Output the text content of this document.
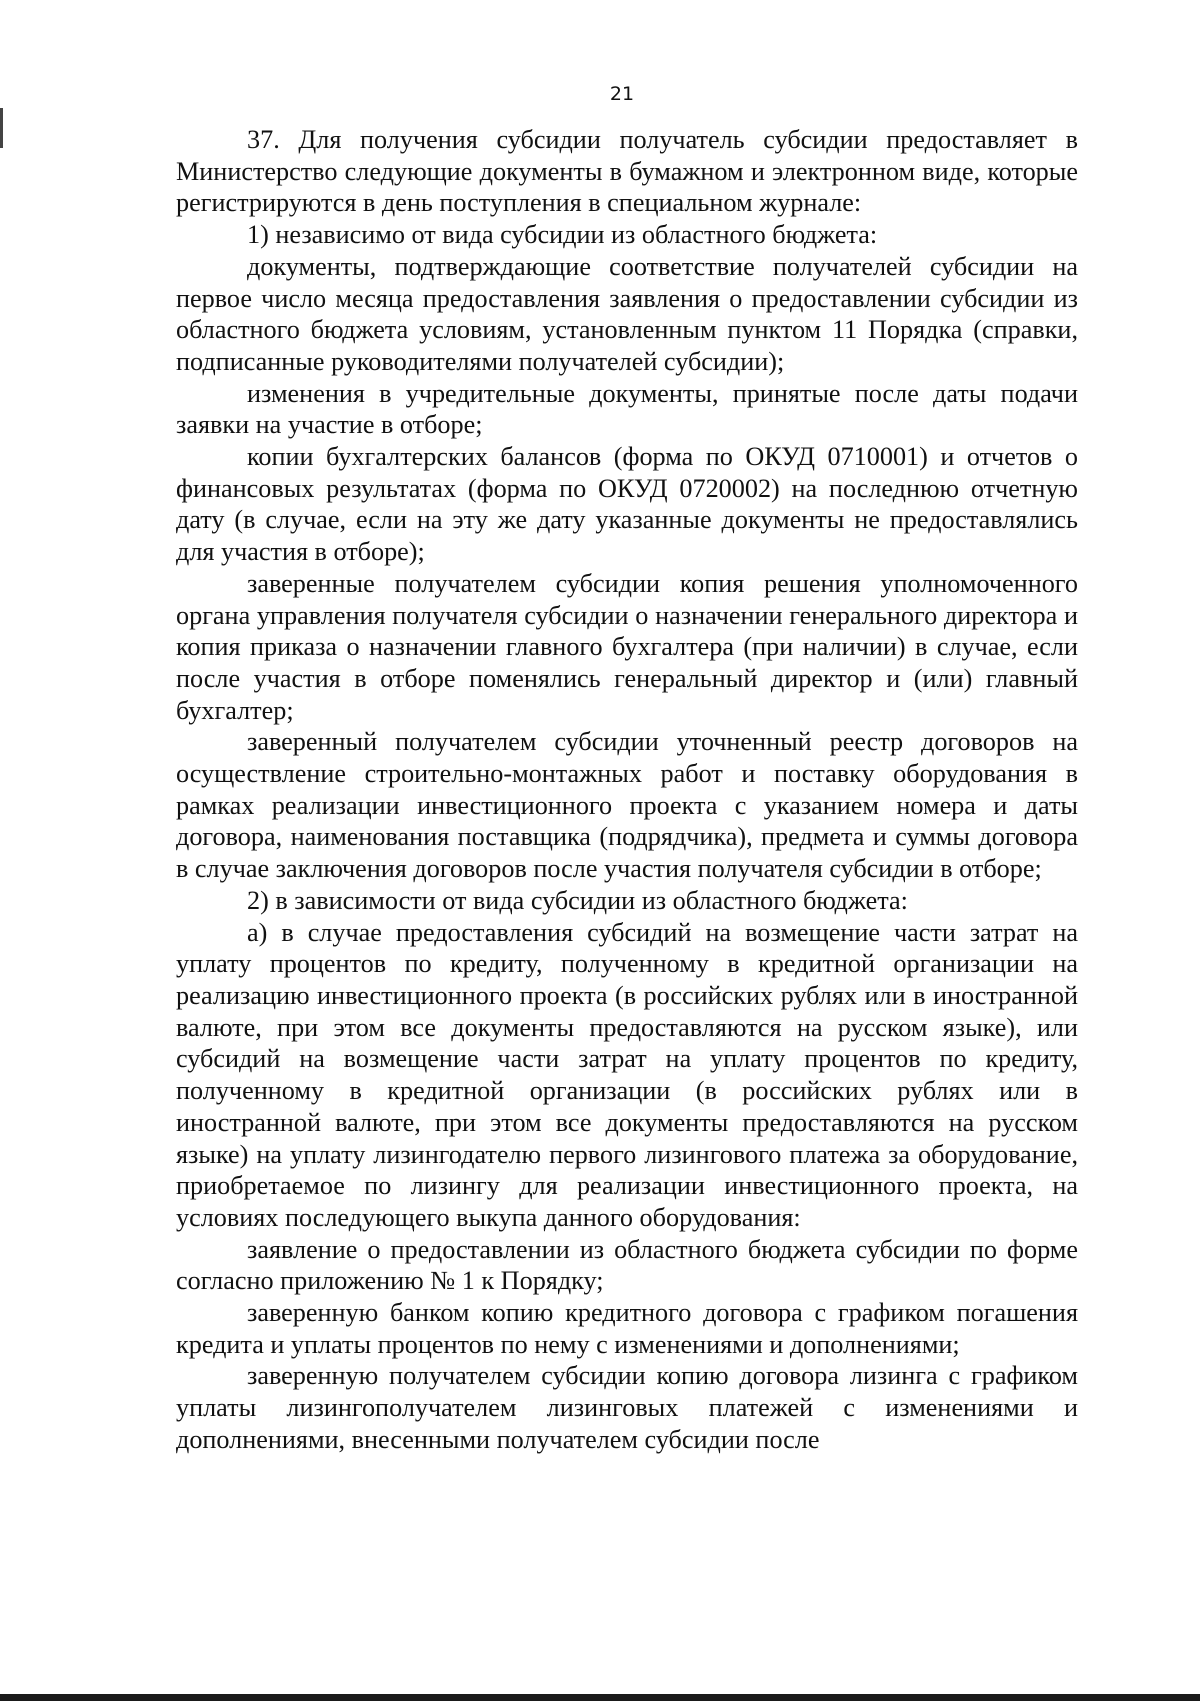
21

37. Для получения субсидии получатель субсидии предоставляет в Министерство следующие документы в бумажном и электронном виде, которые регистрируются в день поступления в специальном журнале:

1) независимо от вида субсидии из областного бюджета:

документы, подтверждающие соответствие получателей субсидии на первое число месяца предоставления заявления о предоставлении субсидии из областного бюджета условиям, установленным пунктом 11 Порядка (справки, подписанные руководителями получателей субсидии);

изменения в учредительные документы, принятые после даты подачи заявки на участие в отборе;

копии бухгалтерских балансов (форма по ОКУД 0710001) и отчетов о финансовых результатах (форма по ОКУД 0720002) на последнюю отчетную дату (в случае, если на эту же дату указанные документы не предоставлялись для участия в отборе);

заверенные получателем субсидии копия решения уполномоченного органа управления получателя субсидии о назначении генерального директора и копия приказа о назначении главного бухгалтера (при наличии) в случае, если после участия в отборе поменялись генеральный директор и (или) главный бухгалтер;

заверенный получателем субсидии уточненный реестр договоров на осуществление строительно-монтажных работ и поставку оборудования в рамках реализации инвестиционного проекта с указанием номера и даты договора, наименования поставщика (подрядчика), предмета и суммы договора в случае заключения договоров после участия получателя субсидии в отборе;

2) в зависимости от вида субсидии из областного бюджета:

а) в случае предоставления субсидий на возмещение части затрат на уплату процентов по кредиту, полученному в кредитной организации на реализацию инвестиционного проекта (в российских рублях или в иностранной валюте, при этом все документы предоставляются на русском языке), или субсидий на возмещение части затрат на уплату процентов по кредиту, полученному в кредитной организации (в российских рублях или в иностранной валюте, при этом все документы предоставляются на русском языке) на уплату лизингодателю первого лизингового платежа за оборудование, приобретаемое по лизингу для реализации инвестиционного проекта, на условиях последующего выкупа данного оборудования:

заявление о предоставлении из областного бюджета субсидии по форме согласно приложению № 1 к Порядку;

заверенную банком копию кредитного договора с графиком погашения кредита и уплаты процентов по нему с изменениями и дополнениями;

заверенную получателем субсидии копию договора лизинга с графиком уплаты лизингополучателем лизинговых платежей с изменениями и дополнениями, внесенными получателем субсидии после
